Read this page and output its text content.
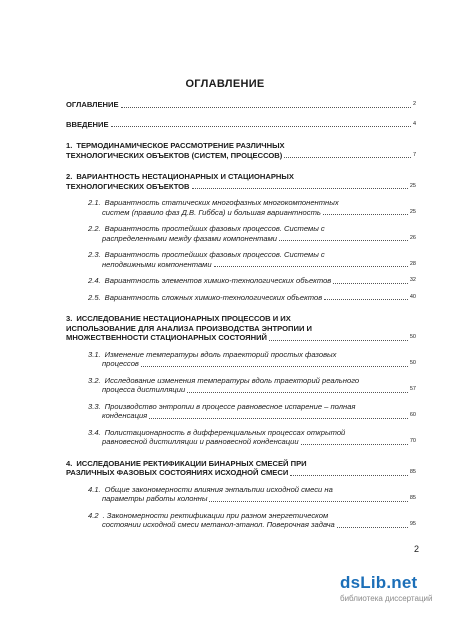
ОГЛАВЛЕНИЕ
ОГЛАВЛЕНИЕ	2
ВВЕДЕНИЕ	4
1. ТЕРМОДИНАМИЧЕСКОЕ РАССМОТРЕНИЕ РАЗЛИЧНЫХ
ТЕХНОЛОГИЧЕСКИХ ОБЪЕКТОВ (СИСТЕМ, ПРОЦЕССОВ)	7
2. ВАРИАНТНОСТЬ НЕСТАЦИОНАРНЫХ И СТАЦИОНАРНЫХ
ТЕХНОЛОГИЧЕСКИХ ОБЪЕКТОВ	25
2.1. Вариантность статических многофазных многокомпонентных
систем (правило фаз Д.В. Гиббса) и большая вариантность	25
2.2. Вариантность простейших фазовых процессов. Системы с
распределенными между фазами компонентами	26
2.3. Вариантность простейших фазовых процессов. Системы с
неподвижными компонентами	28
2.4. Вариантность элементов химико-технологических объектов	32
2.5. Вариантность сложных химико-технологических объектов	40
3. ИССЛЕДОВАНИЕ НЕСТАЦИОНАРНЫХ ПРОЦЕССОВ И ИХ
ИСПОЛЬЗОВАНИЕ ДЛЯ АНАЛИЗА ПРОИЗВОДСТВА ЭНТРОПИИ И
МНОЖЕСТВЕННОСТИ СТАЦИОНАРНЫХ СОСТОЯНИЙ	50
3.1. Изменение температуры вдоль траекторий простых фазовых
процессов	50
3.2. Исследование изменения температуры вдоль траекторий реального
процесса дистилляции	57
3.3. Производство энтропии в процессе равновесное испарение – полная
конденсация	60
3.4. Полистационарность в дифференциальных процессах открытой
равновесной дистилляции и равновесной конденсации	70
4. ИССЛЕДОВАНИЕ РЕКТИФИКАЦИИ БИНАРНЫХ СМЕСЕЙ ПРИ
РАЗЛИЧНЫХ ФАЗОВЫХ СОСТОЯНИЯХ ИСХОДНОЙ СМЕСИ	85
4.1. Общие закономерности влияния энтальпии исходной смеси на
параметры работы колонны	85
4.2 . Закономерности ректификации при разном энергетическом
состоянии исходной смеси метанол-этанол. Поверочная задача	95
2
dsLib.net
библиотека диссертаций
